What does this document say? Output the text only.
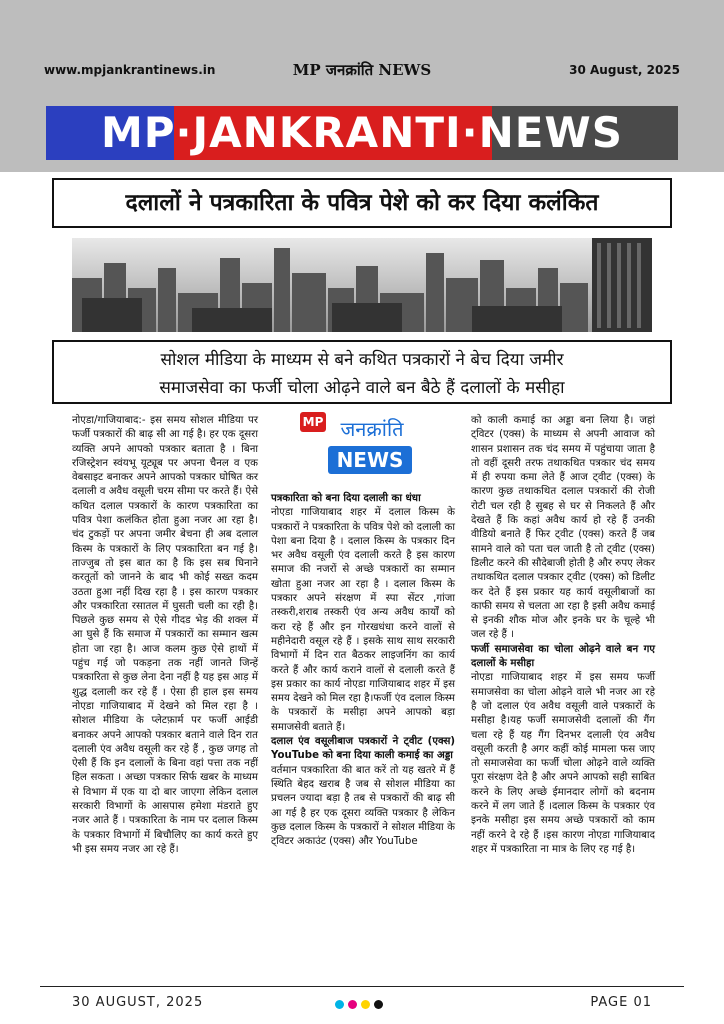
www.mpjankrantinews.in	MP जनक्रांति NEWS	30 August, 2025
MP·JANKRANTI·NEWS
दलालों ने पत्रकारिता के पवित्र पेशे को कर दिया कलंकित
सोशल मीडिया के माध्यम से बने कथित पत्रकारों ने बेच दिया जमीर
समाजसेवा का फर्जी चोला ओढ़ने वाले बन बैठे हैं दलालों के मसीहा

नोएडा/गाजियाबाद:- इस समय सोशल मीडिया पर फर्जी पत्रकारों की बाढ़ सी आ गई है। हर एक दूसरा व्यक्ति अपने आपको पत्रकार बताता है । बिना रजिस्ट्रेशन स्वंयभू यूट्यूब पर अपना चैनल व एक वेबसाइट बनाकर अपने आपको पत्रकार घोषित कर दलाली व अवैध वसूली चरम सीमा पर करते हैं। ऐसे कथित दलाल पत्रकारों के कारण पत्रकारिता का पवित्र पेशा कलंकित होता हुआ नजर आ रहा है। चंद टुकड़ों पर अपना जमीर बेचना ही अब दलाल किस्म के पत्रकारों के लिए पत्रकारिता बन गई है। ताज्जुब तो इस बात का है कि इस सब घिनाने करतूतों को जानने के बाद भी कोई सख्त कदम उठता हुआ नहीं दिख रहा है । इस कारण पत्रकार और पत्रकारिता रसातल में घुसती चली का रही है।पिछले कुछ समय से ऐसे गीदड भेड़ की शक्ल में आ घुसे हैं कि समाज में पत्रकारों का सम्मान खत्म होता जा रहा है। आज कलम कुछ ऐसे हाथों में पहुंच गई जो पकड़ना तक नहीं जानते जिन्हें पत्रकारिता से कुछ लेना देना नहीं है यह इस आड़ में शुद्ध दलाली कर रहे हैं । ऐसा ही हाल इस समय नोएडा गाजियाबाद में देखने को मिल रहा है । सोशल मीडिया के प्लेटफ़ार्म पर फर्जी आईडी बनाकर अपने आपको पत्रकार बताने वाले दिन रात दलाली एंव अवैध वसूली कर रहे हैं , कुछ जगह तो ऐसी हैं कि इन दलालों के बिना वहां पत्ता तक नहीं हिल सकता । अच्छा पत्रकार सिर्फ खबर के माध्यम से विभाग में एक या दो बार जाएगा लेकिन दलाल सरकारी विभागों के आसपास हमेशा मंडराते हुए नजर आते हैं । पत्रकारिता के नाम पर दलाल किस्म के पत्रकार विभागों में बिचौलिए का कार्य करते हुए भी इस समय नजर आ रहे हैं।

MP जनक्रांति
NEWS

पत्रकारिता को बना दिया दलाली का धंधा

नोएडा गाजियाबाद शहर में दलाल किस्म के पत्रकारों ने पत्रकारिता के पवित्र पेशे को दलाली का पेशा बना दिया है । दलाल किस्म के पत्रकार दिन भर अवैध वसूली एंव दलाली करते है इस कारण समाज की नजरों से अच्छे पत्रकारों का सम्मान खोता हुआ नजर आ रहा है । दलाल किस्म के पत्रकार अपने संरक्षण में स्पा सेंटर ,गांजा तस्करी,शराब तस्करी एंव अन्य अवैध कार्यों को करा रहे हैं और इन गोरखधंधा करने वालों से महीनेदारी वसूल रहे हैं । इसके साथ साथ सरकारी विभागों में दिन रात बैठकर लाइजनिंग का कार्य करते हैं और कार्य कराने वालों से दलाली करते हैं इस प्रकार का कार्य नोएडा गाजियाबाद शहर में इस समय देखने को मिल रहा है।फर्जी एंव दलाल किस्म के पत्रकारों के मसीहा अपने आपको बड़ा समाजसेवी बताते हैं।

दलाल एंव वसूलीबाज पत्रकारों ने ट्वीट (एक्स) YouTube को बना दिया काली कमाई का अड्डा

वर्तमान पत्रकारिता की बात करें तो यह खतरे में हैं स्थिति बेहद खराब है जब से सोशल मीडिया का प्रचलन ज्यादा बड़ा है तब से पत्रकारों की बाढ़ सी आ गई है हर एक दूसरा व्यक्ति पत्रकार है लेकिन कुछ दलाल किस्म के पत्रकारों ने सोशल मीडिया के ट्विटर अकाउंट (एक्स) और YouTube

को काली कमाई का अड्डा बना लिया है। जहां ट्विटर (एक्स) के माध्यम से अपनी आवाज को शासन प्रशासन तक चंद समय में पहुंचाया जाता है तो वहीं दूसरी तरफ तथाकथित पत्रकार चंद समय में ही रुपया कमा लेते हैं आज ट्वीट (एक्स) के कारण कुछ तथाकथित दलाल पत्रकारों की रोजी रोटी चल रही है सुबह से घर से निकलते हैं और देखते हैं कि कहां अवैध कार्य हो रहे हैं उनकी वीडियो बनाते हैं फिर ट्वीट (एक्स) करते हैं जब सामने वाले को पता चल जाती है तो ट्वीट (एक्स) डिलीट करने की सौदेबाजी होती है और रुपए लेकर तथाकथित दलाल पत्रकार ट्वीट (एक्स) को डिलीट कर देते हैं इस प्रकार यह कार्य वसूलीबाजों का काफी समय से चलता आ रहा है इसी अवैध कमाई से इनकी शौक मोज और इनके घर के चूल्हे भी जल रहे हैं ।

फर्जी समाजसेवा का चोला ओढ़ने वाले बन गए दलालों के मसीहा

नोएडा गाजियाबाद शहर में इस समय फर्जी समाजसेवा का चोला ओढ़ने वाले भी नजर आ रहे है जो दलाल एंव अवैध वसूली वाले पत्रकारों के मसीहा है।यह फर्जी समाजसेवी दलालों की गैंग चला रहे हैं यह गैंग दिनभर दलाली एंव अवैध वसूली करती है अगर कहीं कोई मामला फस जाए तो समाजसेवा का फर्जी चोला ओढ़ने वाले व्यक्ति पूरा संरक्षण देते है और अपने आपको सही साबित करने के लिए अच्छे ईमानदार लोगों को बदनाम करने में लग जाते हैं ।दलाल किस्म के पत्रकार एंव इनके मसीहा इस समय अच्छे पत्रकारों को काम नहीं करने दे रहे हैं ।इस कारण नोएडा गाजियाबाद शहर में पत्रकारिता ना मात्र के लिए रह गई है।

30 AUGUST, 2025	PAGE 01
